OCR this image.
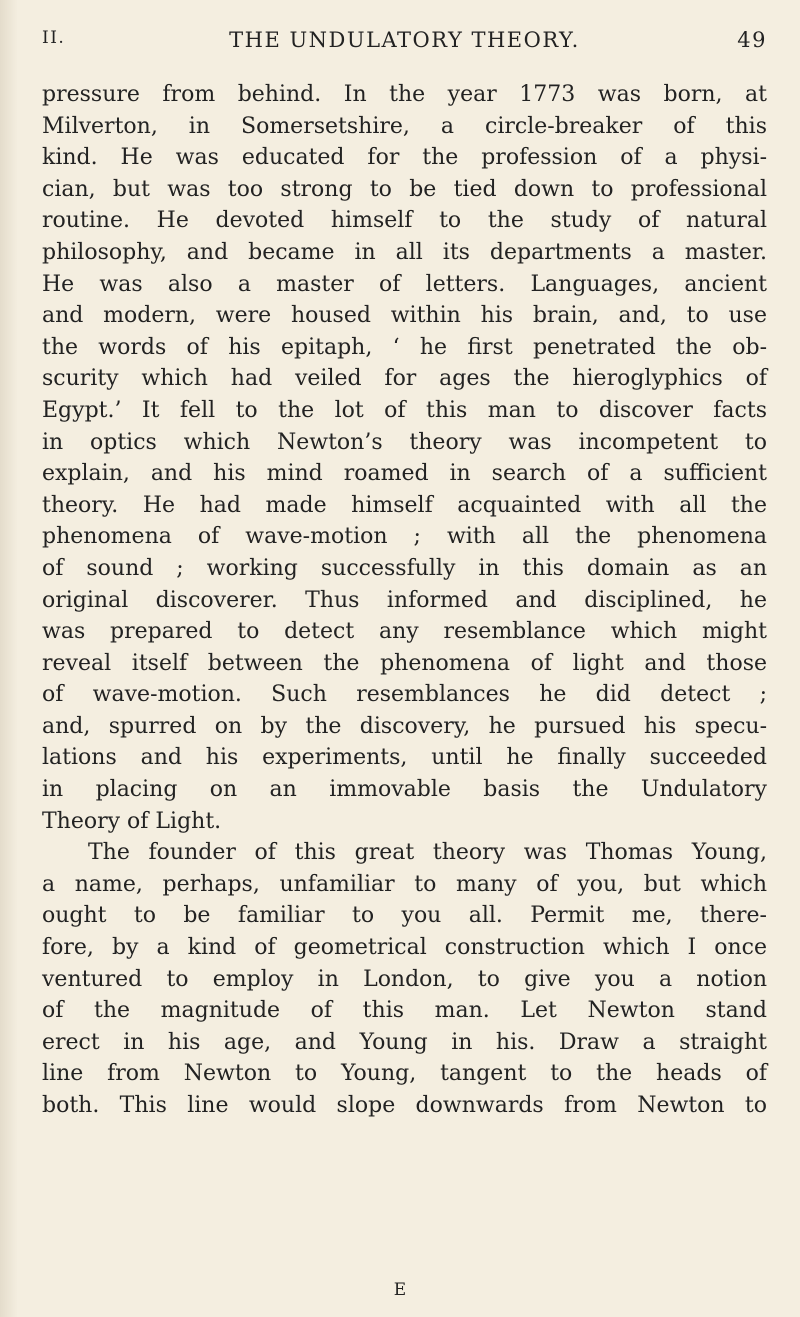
II.	THE UNDULATORY THEORY.	49

pressure from behind. In the year 1773 was born, at

Milverton, in Somersetshire, a circle-breaker of this

kind. He was educated for the profession of a physi-

cian, but was too strong to be tied down to professional

routine. He devoted himself to the study of natural

philosophy, and became in all its departments a master.

He was also a master of letters. Languages, ancient

and modern, were housed within his brain, and, to use

the words of his epitaph, ‘ he first penetrated the ob-

scurity which had veiled for ages the hieroglyphics of

Egypt.’ It fell to the lot of this man to discover facts

in optics which Newton’s theory was incompetent to

explain, and his mind roamed in search of a sufficient

theory. He had made himself acquainted with all the

phenomena of wave-motion ; with all the phenomena

of sound ; working successfully in this domain as an

original discoverer. Thus informed and disciplined, he

was prepared to detect any resemblance which might

reveal itself between the phenomena of light and those

of wave-motion. Such resemblances he did detect ;

and, spurred on by the discovery, he pursued his specu-

lations and his experiments, until he finally succeeded

in placing on an immovable basis the Undulatory

Theory of Light.

The founder of this great theory was Thomas Young,

a name, perhaps, unfamiliar to many of you, but which

ought to be familiar to you all. Permit me, there-

fore, by a kind of geometrical construction which I once

ventured to employ in London, to give you a notion

of the magnitude of this man. Let Newton stand

erect in his age, and Young in his. Draw a straight

line from Newton to Young, tangent to the heads of

both. This line would slope downwards from Newton to

E
